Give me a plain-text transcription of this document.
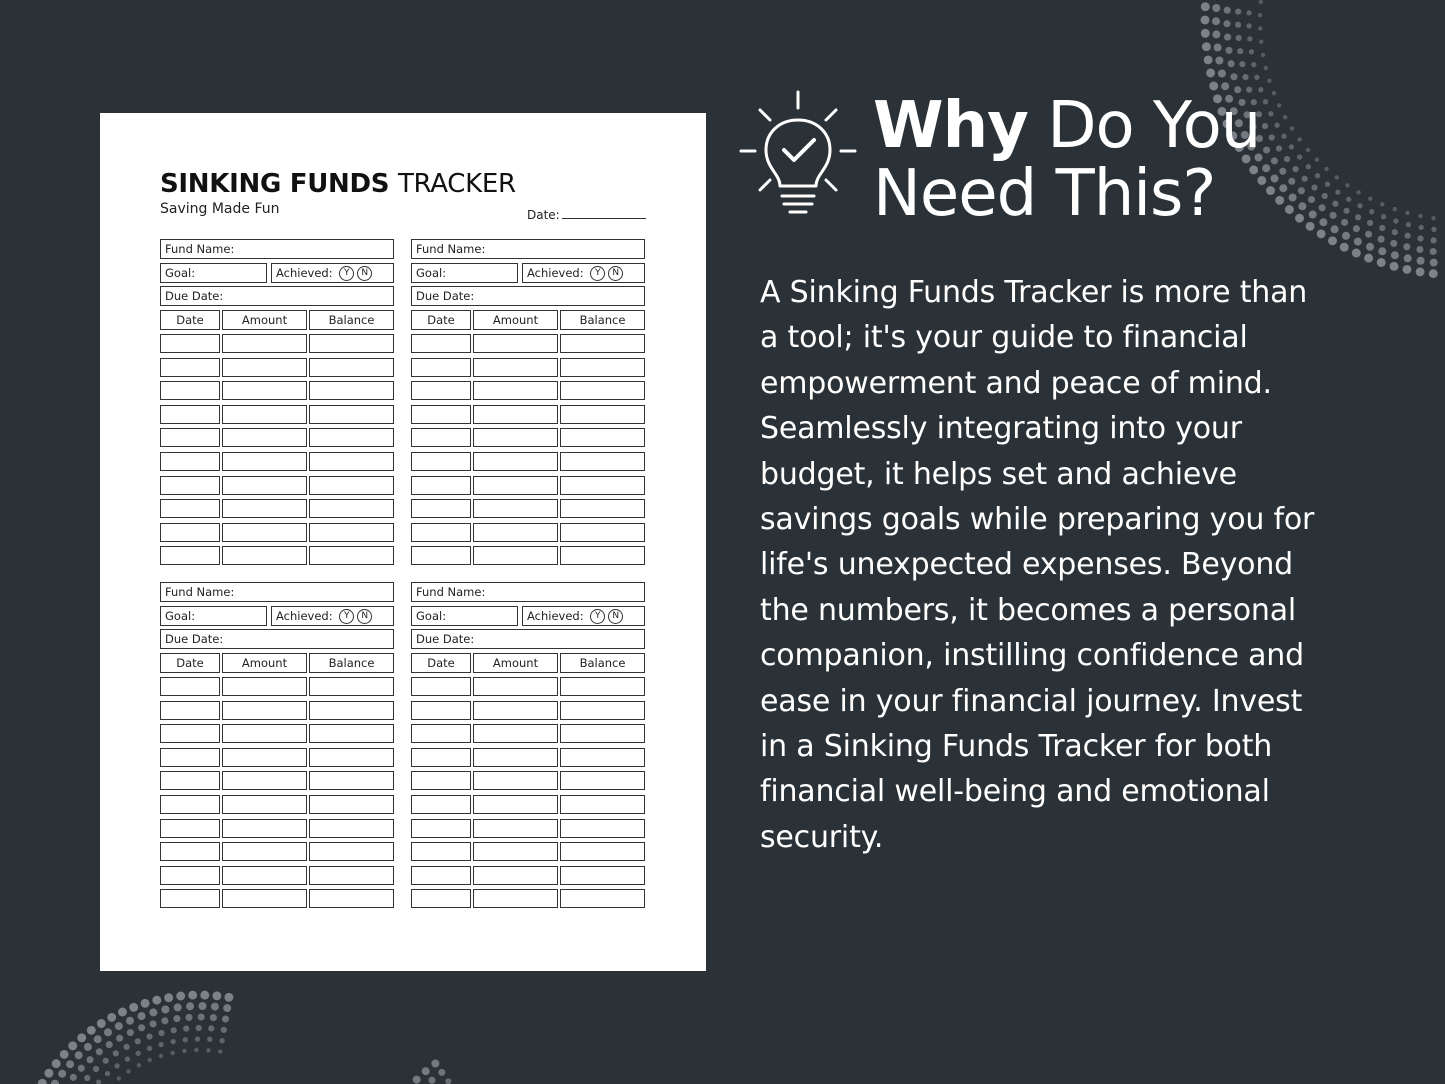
SINKING FUNDS TRACKER
Saving Made Fun	Date:
Fund Name:
Goal:	Achieved: Y N
Due Date:
Date	Amount	Balance
Fund Name:
Goal:	Achieved: Y N
Due Date:
Date	Amount	Balance
Fund Name:
Goal:	Achieved: Y N
Due Date:
Date	Amount	Balance
Fund Name:
Goal:	Achieved: Y N
Due Date:
Date	Amount	Balance
Why Do You
Need This?

A Sinking Funds Tracker is more than a tool; it's your guide to financial empowerment and peace of mind. Seamlessly integrating into your budget, it helps set and achieve savings goals while preparing you for life's unexpected expenses. Beyond the numbers, it becomes a personal companion, instilling confidence and ease in your financial journey. Invest in a Sinking Funds Tracker for both financial well-being and emotional security.
